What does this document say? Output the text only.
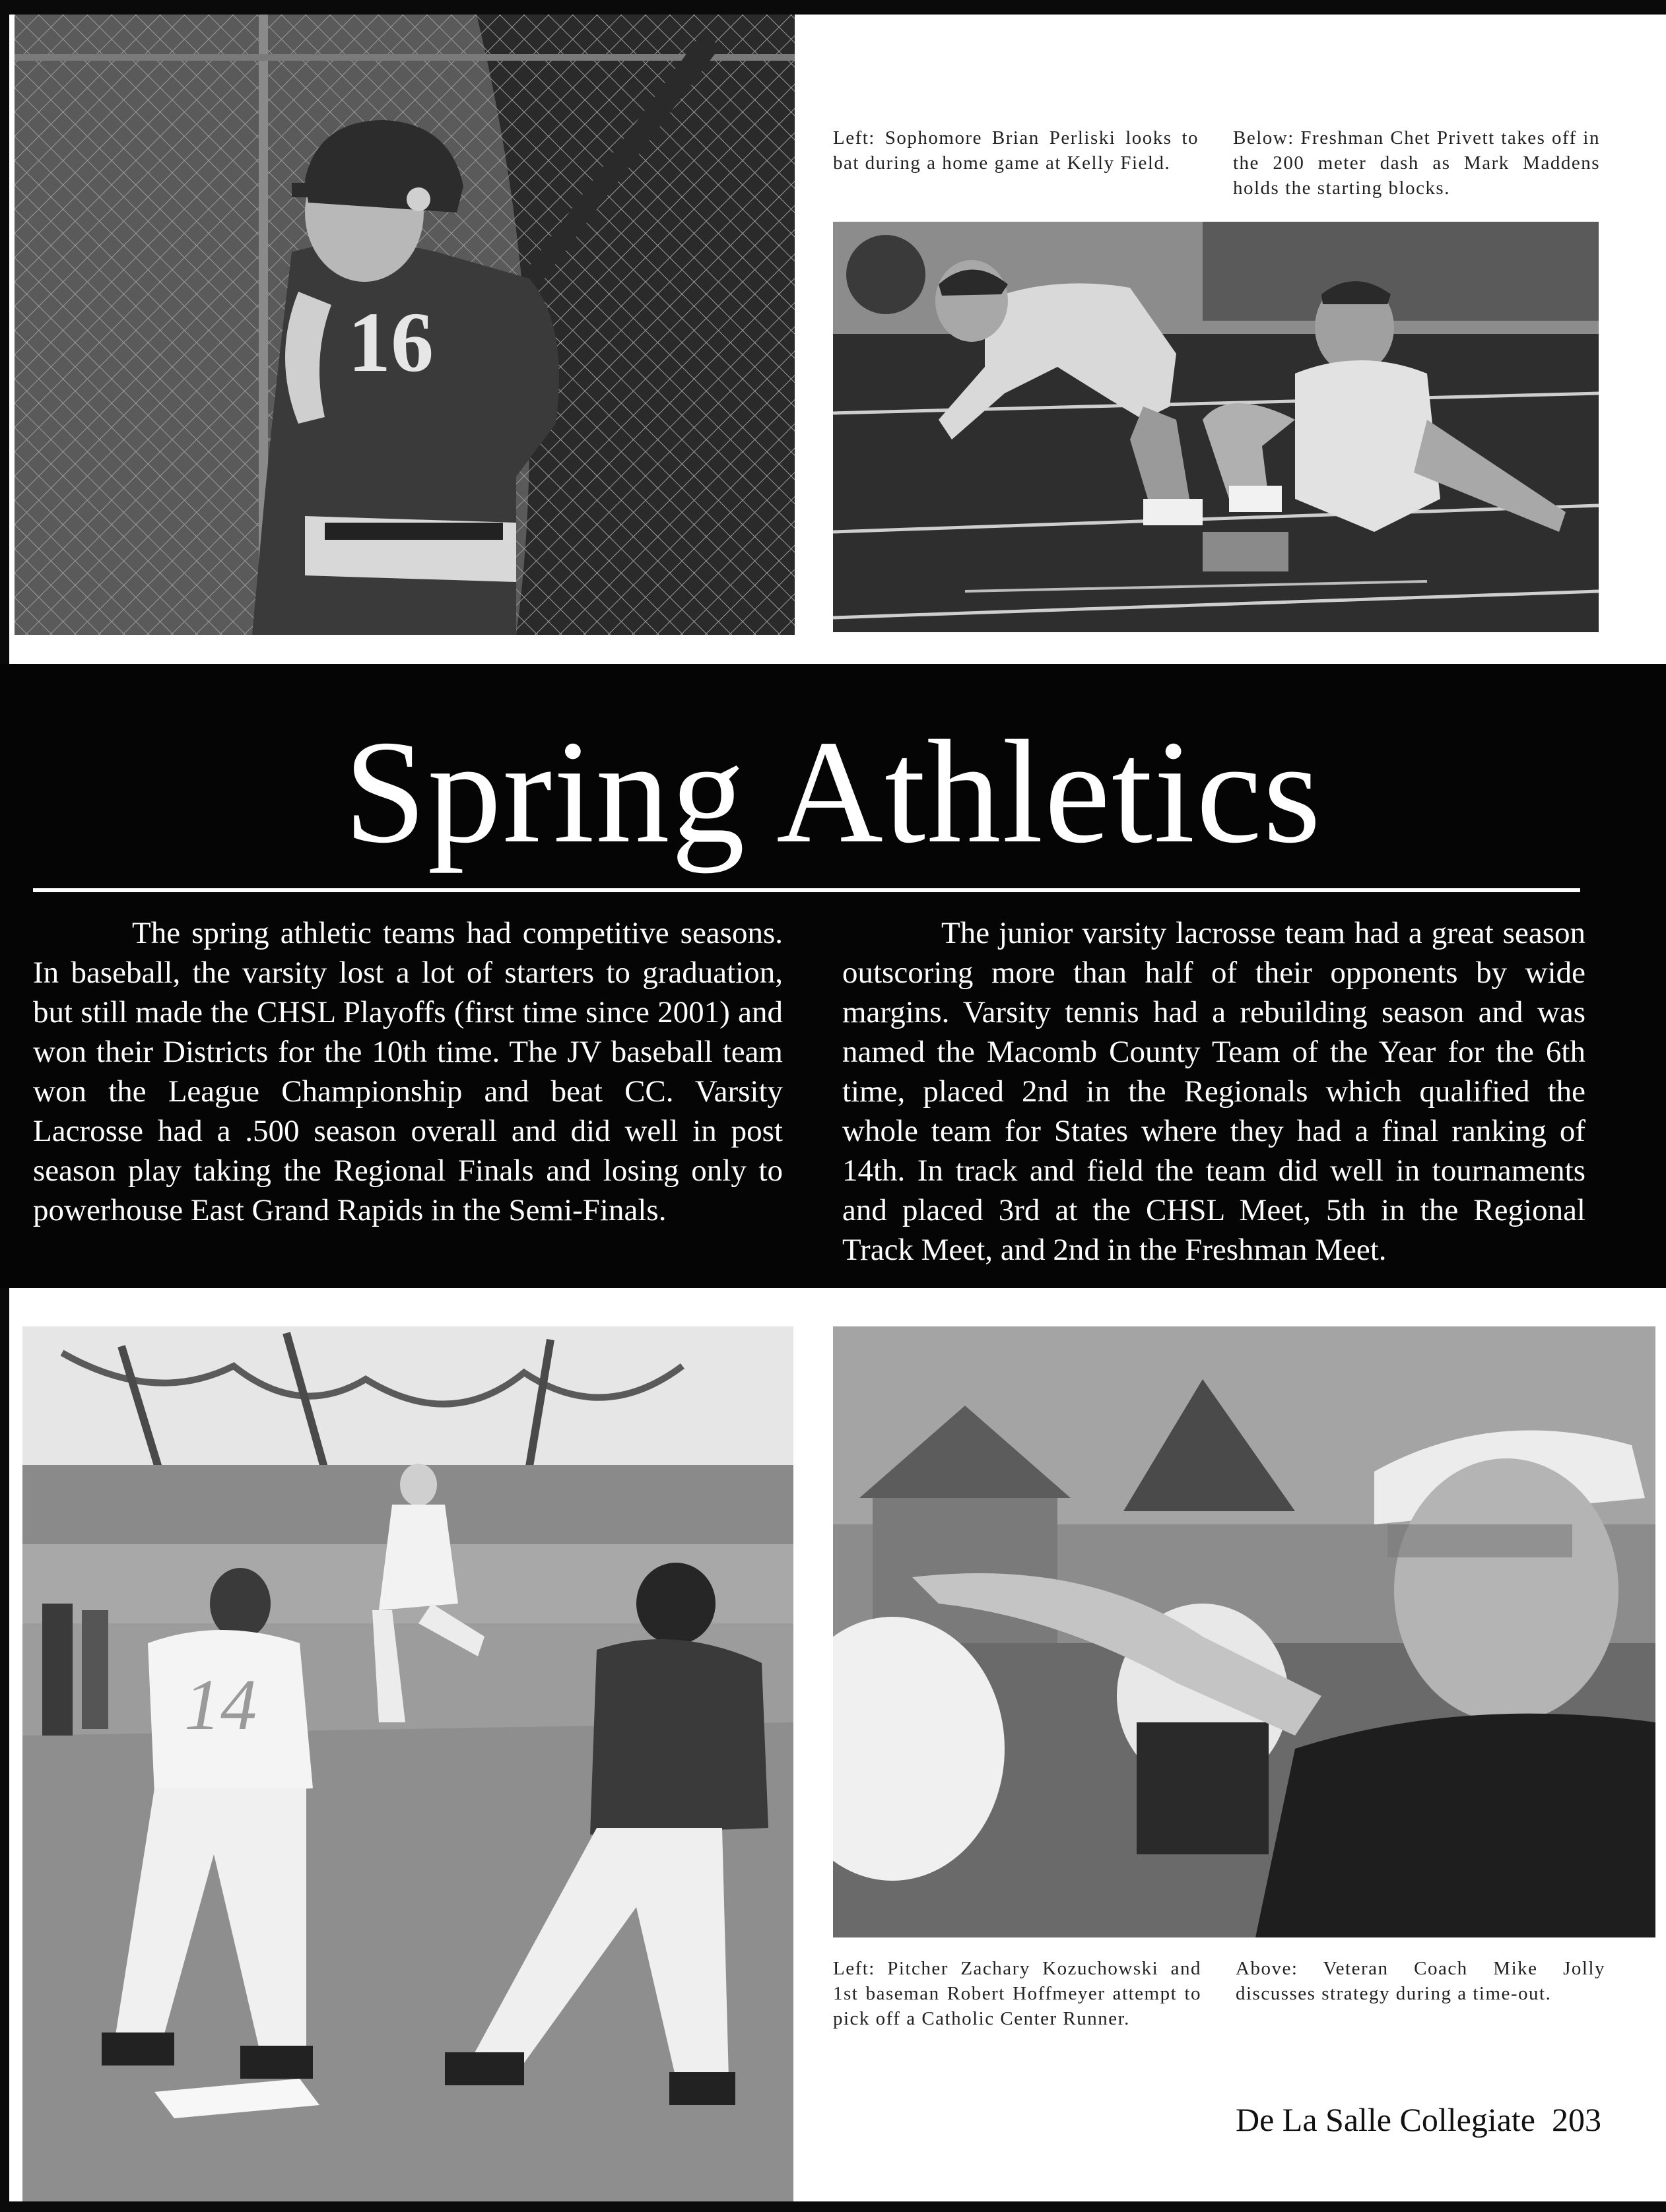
16
Left: Sophomore Brian Perliski looks to bat during a home game at Kelly Field.
Below: Freshman Chet Privett takes off in the 200 meter dash as Mark Maddens holds the starting blocks.
Spring Athletics

The spring athletic teams had competitive seasons. In baseball, the varsity lost a lot of starters to graduation, but still made the CHSL Playoffs (first time since 2001) and won their Districts for the 10th time. The JV baseball team won the League Championship and beat CC. Varsity Lacrosse had a .500 season overall and did well in post season play taking the Regional Finals and losing only to powerhouse East Grand Rapids in the Semi-Finals.

The junior varsity lacrosse team had a great season outscoring more than half of their opponents by wide margins. Varsity tennis had a rebuilding season and was named the Macomb County Team of the Year for the 6th time, placed 2nd in the Regionals which qualified the whole team for States where they had a final ranking of 14th. In track and field the team did well in tournaments and placed 3rd at the CHSL Meet, 5th in the Regional Track Meet, and 2nd in the Freshman Meet.

14
Left: Pitcher Zachary Kozuchowski and 1st baseman Robert Hoffmeyer attempt to pick off a Catholic Center Runner.
Above: Veteran Coach Mike Jolly discusses strategy during a time-out.
De La Salle Collegiate 203
